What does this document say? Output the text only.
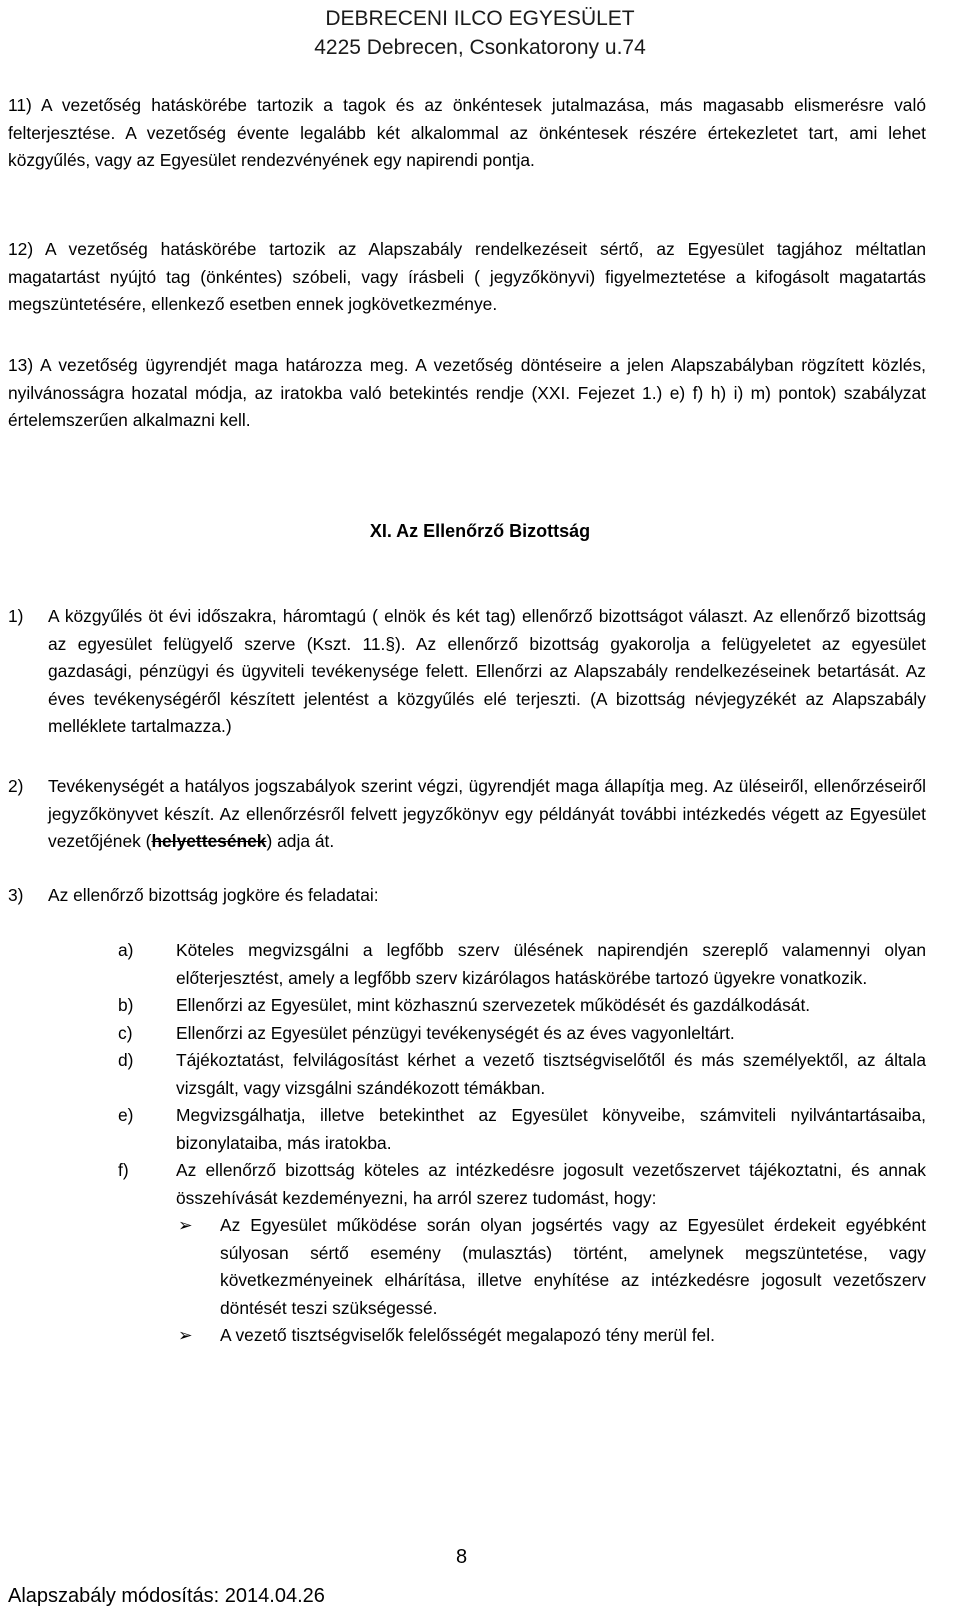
DEBRECENI ILCO EGYESÜLET
4225 Debrecen, Csonkatorony u.74

11) A vezetőség hatáskörébe tartozik a tagok és az önkéntesek jutalmazása, más magasabb elismerésre való felterjesztése. A vezetőség évente legalább két alkalommal az önkéntesek részére értekezletet tart, ami lehet közgyűlés, vagy az Egyesület rendezvényének egy napirendi pontja.

12) A vezetőség hatáskörébe tartozik az Alapszabály rendelkezéseit sértő, az Egyesület tagjához méltatlan magatartást nyújtó tag (önkéntes) szóbeli, vagy írásbeli ( jegyzőkönyvi) figyelmeztetése a kifogásolt magatartás megszüntetésére, ellenkező esetben ennek jogkövetkezménye.

13) A vezetőség ügyrendjét maga határozza meg. A vezetőség döntéseire a jelen Alapszabályban rögzített közlés, nyilvánosságra hozatal módja, az iratokba való betekintés rendje (XXI. Fejezet 1.) e) f) h) i) m) pontok) szabályzat értelemszerűen alkalmazni kell.

XI. Az Ellenőrző Bizottság
1) A közgyűlés öt évi időszakra, háromtagú ( elnök és két tag) ellenőrző bizottságot választ. Az ellenőrző bizottság az egyesület felügyelő szerve (Kszt. 11.§). Az ellenőrző bizottság gyakorolja a felügyeletet az egyesület gazdasági, pénzügyi és ügyviteli tevékenysége felett. Ellenőrzi az Alapszabály rendelkezéseinek betartását. Az éves tevékenységéről készített jelentést a közgyűlés elé terjeszti. (A bizottság névjegyzékét az Alapszabály melléklete tartalmazza.)
2) Tevékenységét a hatályos jogszabályok szerint végzi, ügyrendjét maga állapítja meg. Az üléseiről, ellenőrzéseiről jegyzőkönyvet készít. Az ellenőrzésről felvett jegyzőkönyv egy példányát további intézkedés végett az Egyesület vezetőjének (helyettesének) adja át.
3) Az ellenőrző bizottság jogköre és feladatai:
a) Köteles megvizsgálni a legfőbb szerv ülésének napirendjén szereplő valamennyi olyan előterjesztést, amely a legfőbb szerv kizárólagos hatáskörébe tartozó ügyekre vonatkozik.
b) Ellenőrzi az Egyesület, mint közhasznú szervezetek működését és gazdálkodását.
c)	Ellenőrzi az Egyesület pénzügyi tevékenységét és az éves vagyonleltárt.
d) Tájékoztatást, felvilágosítást kérhet a vezető tisztségviselőtől és más személyektől, az általa vizsgált, vagy vizsgálni szándékozott témákban.
e) Megvizsgálhatja, illetve betekinthet az Egyesület könyveibe, számviteli nyilvántartásaiba, bizonylataiba, más iratokba.
f)	Az ellenőrző bizottság köteles az intézkedésre jogosult vezetőszervet tájékoztatni, és annak összehívását kezdeményezni, ha arról szerez tudomást, hogy:
➢ Az Egyesület működése során olyan jogsértés vagy az Egyesület érdekeit egyébként súlyosan sértő esemény (mulasztás) történt, amelynek megszüntetése, vagy következményeinek elhárítása, illetve enyhítése az intézkedésre jogosult vezetőszerv döntését teszi szükségessé.
➢ A vezető tisztségviselők felelősségét megalapozó tény merül fel.
8
Alapszabály módosítás: 2014.04.26
